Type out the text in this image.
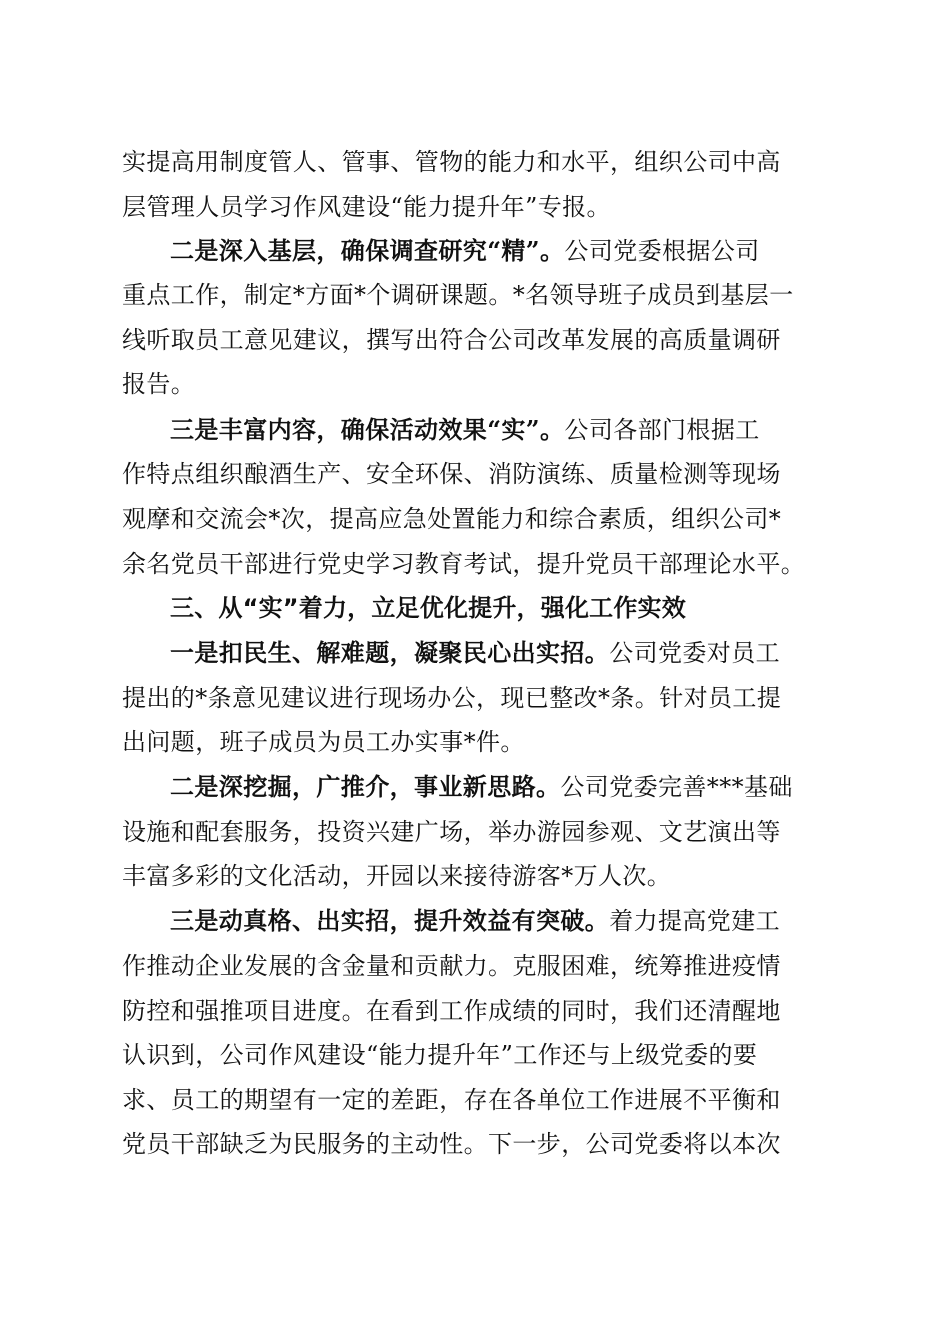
实提高用制度管人、管事、管物的能力和水平，组织公司中高
层管理人员学习作风建设“能力提升年”专报。
二是深入基层，确保调查研究“精”。公司党委根据公司
重点工作，制定*方面*个调研课题。*名领导班子成员到基层一
线听取员工意见建议，撰写出符合公司改革发展的高质量调研
报告。
三是丰富内容，确保活动效果“实”。公司各部门根据工
作特点组织酿酒生产、安全环保、消防演练、质量检测等现场
观摩和交流会*次，提高应急处置能力和综合素质，组织公司*
余名党员干部进行党史学习教育考试，提升党员干部理论水平。
三、从“实”着力，立足优化提升，强化工作实效
一是扣民生、解难题，凝聚民心出实招。公司党委对员工
提出的*条意见建议进行现场办公，现已整改*条。针对员工提
出问题，班子成员为员工办实事*件。
二是深挖掘，广推介，事业新思路。公司党委完善***基础
设施和配套服务，投资兴建广场，举办游园参观、文艺演出等
丰富多彩的文化活动，开园以来接待游客*万人次。
三是动真格、出实招，提升效益有突破。着力提高党建工
作推动企业发展的含金量和贡献力。克服困难，统筹推进疫情
防控和强推项目进度。在看到工作成绩的同时，我们还清醒地
认识到，公司作风建设“能力提升年”工作还与上级党委的要
求、员工的期望有一定的差距，存在各单位工作进展不平衡和
党员干部缺乏为民服务的主动性。下一步，公司党委将以本次
